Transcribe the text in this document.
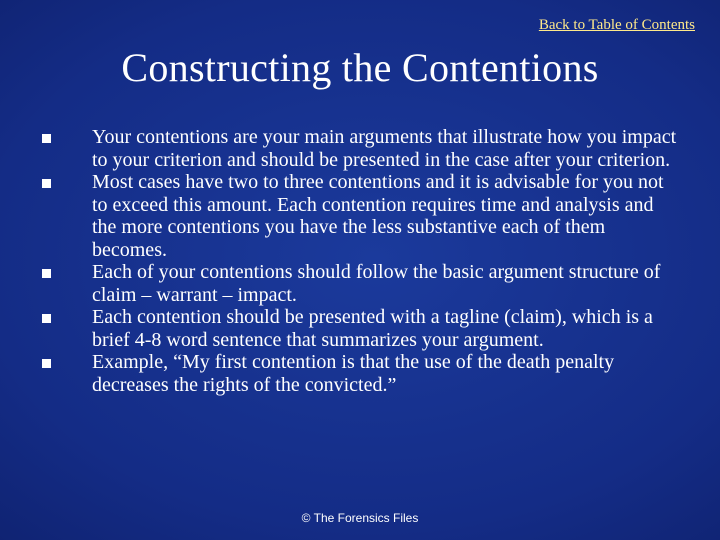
Back to Table of Contents
Constructing the Contentions
Your contentions are your main arguments that illustrate how you impact to your criterion and should be presented in the case after your criterion.
Most cases have two to three contentions and it is advisable for you not to exceed this amount. Each contention requires time and analysis and the more contentions you have the less substantive each of them becomes.
Each of your contentions should follow the basic argument structure of claim – warrant – impact.
Each contention should be presented with a tagline (claim), which is a brief 4-8 word sentence that summarizes your argument.
Example, “My first contention is that the use of the death penalty decreases the rights of the convicted.”
© The Forensics Files
